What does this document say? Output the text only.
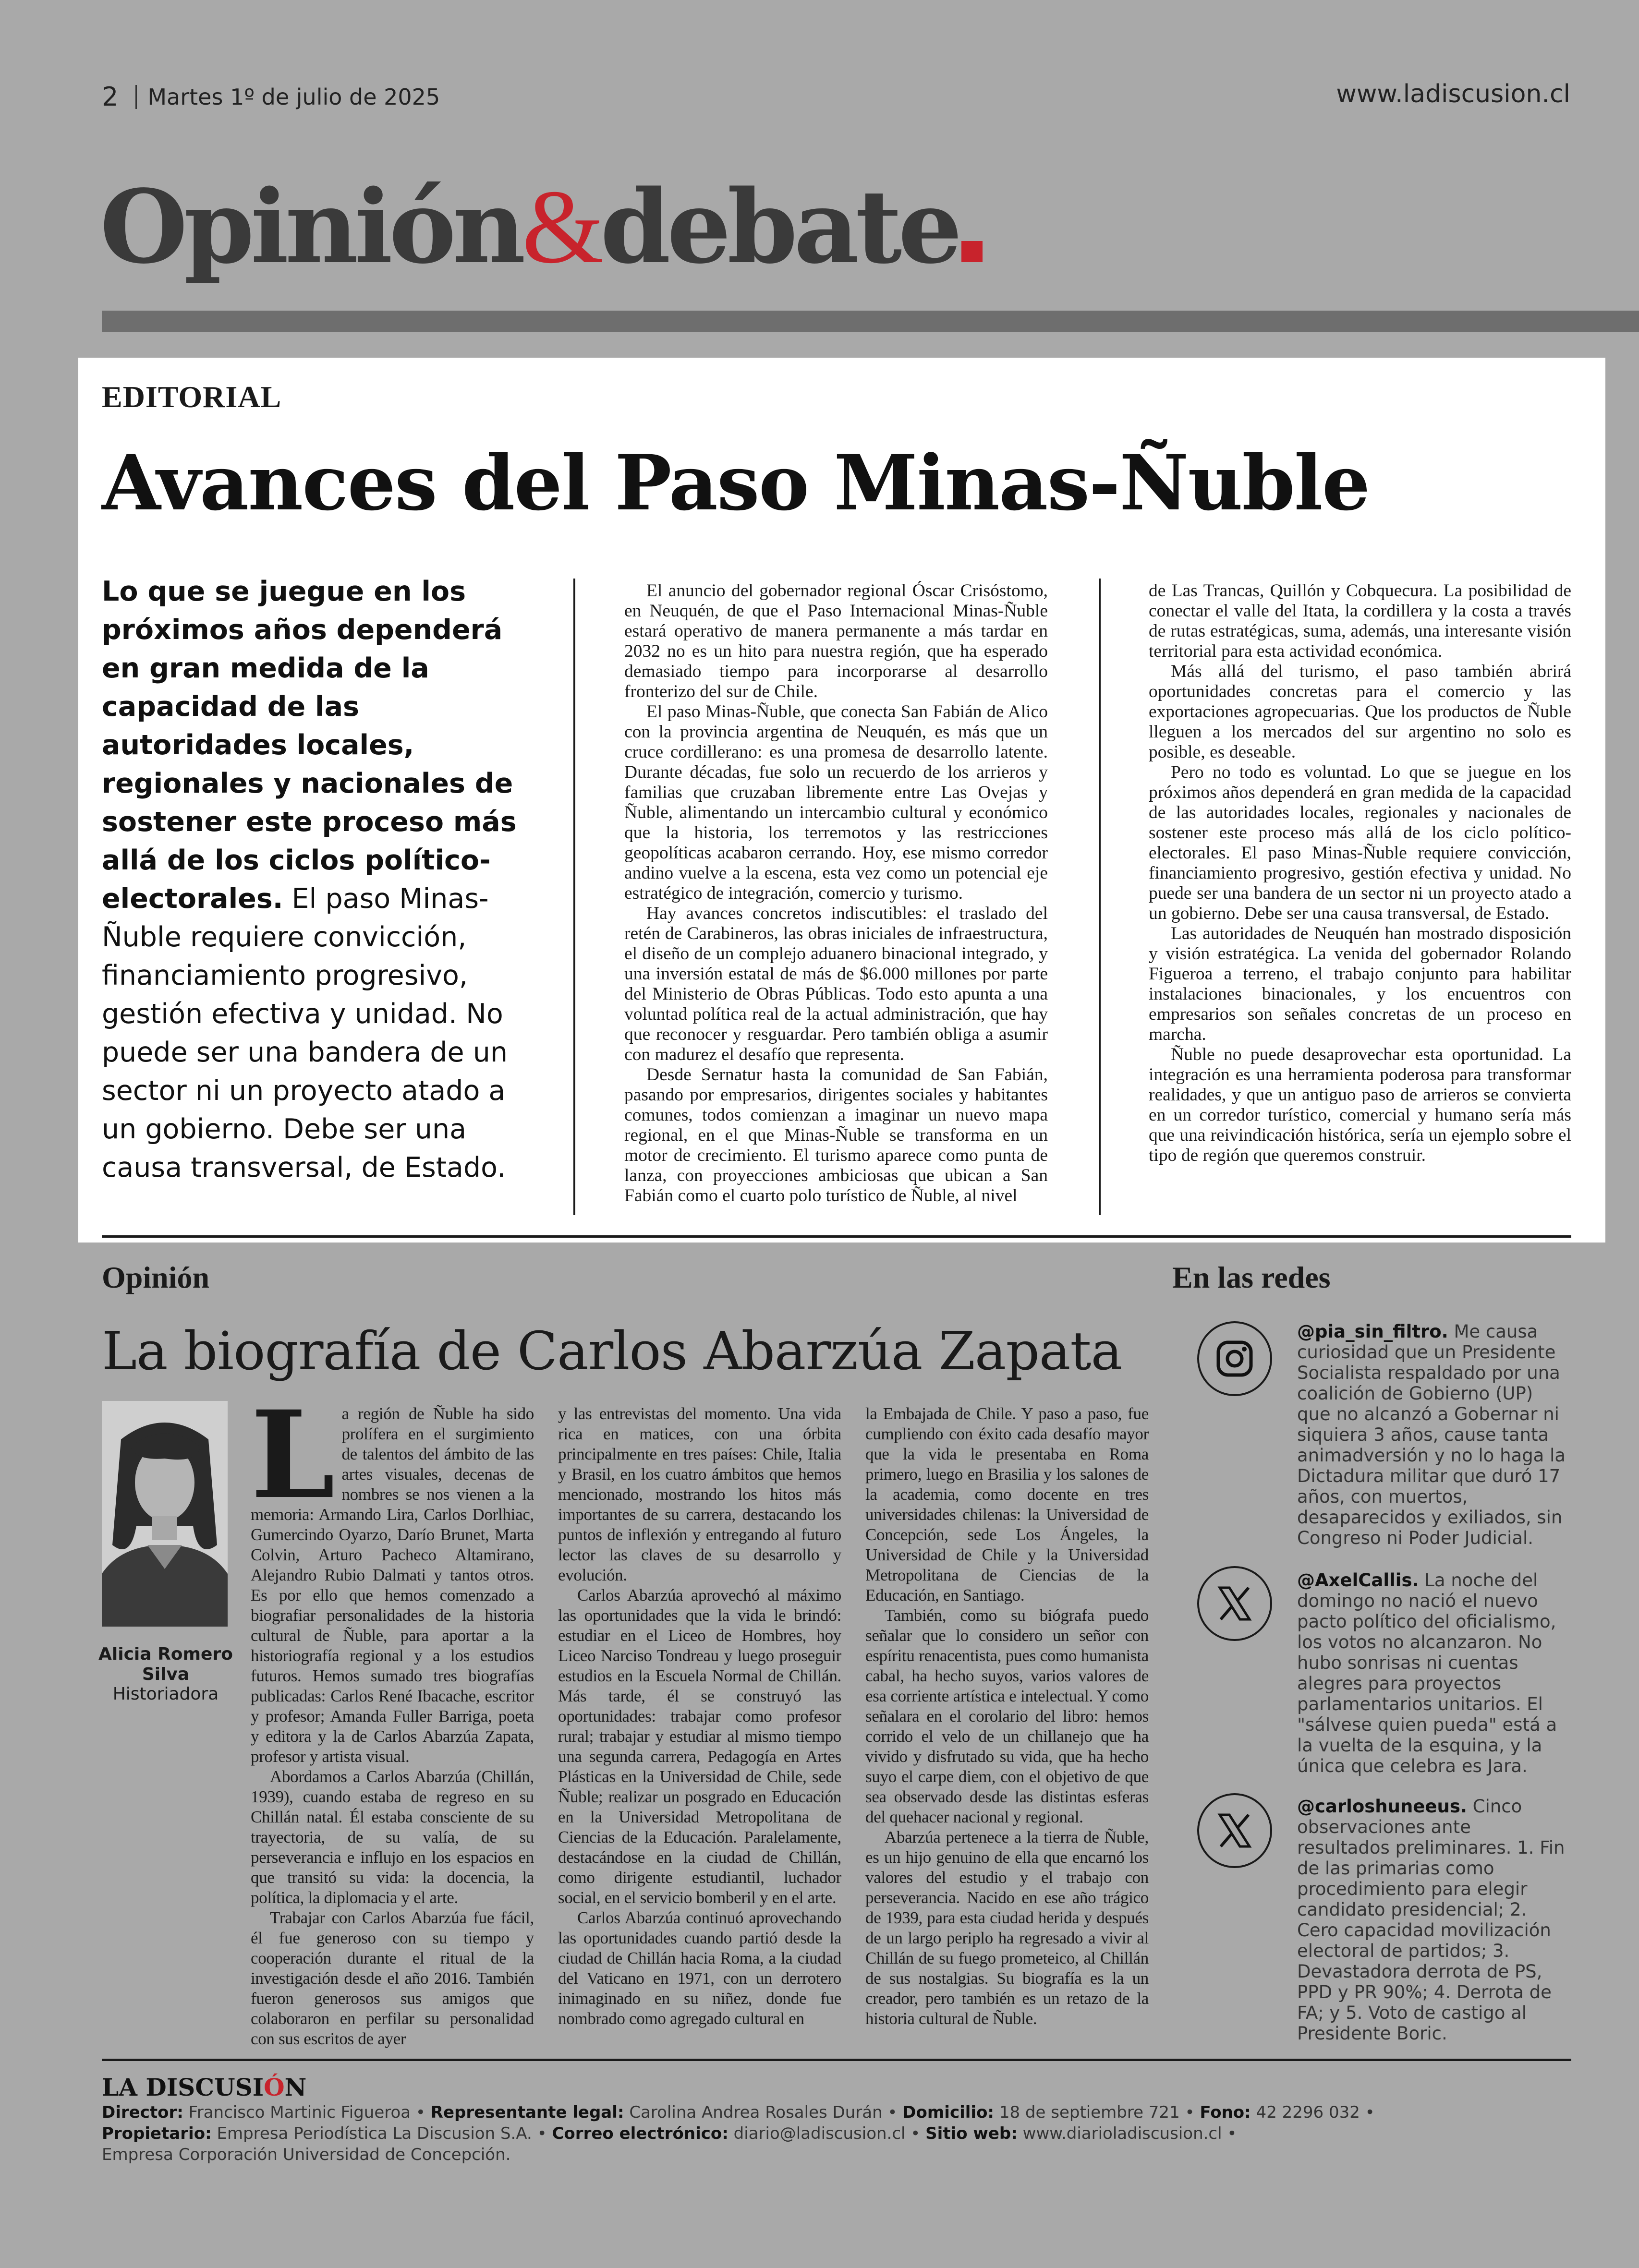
2 Martes 1º de julio de 2025	www.ladiscusion.cl
Opinión&debate
EDITORIAL
Avances del Paso Minas-Ñuble
Lo que se juegue en los próximos años dependerá en gran medida de la capacidad de las autoridades locales, regionales y nacionales de sostener este proceso más allá de los ciclos político-electorales. El paso Minas-Ñuble requiere convicción, financiamiento progresivo, gestión efectiva y unidad. No puede ser una bandera de un sector ni un proyecto atado a un gobierno. Debe ser una causa transversal, de Estado.

El anuncio del gobernador regional Óscar Crisóstomo, en Neuquén, de que el Paso Internacional Minas-Ñuble estará operativo de manera permanente a más tardar en 2032 no es un hito para nuestra región, que ha esperado demasiado tiempo para incorporarse al desarrollo fronterizo del sur de Chile.

El paso Minas-Ñuble, que conecta San Fabián de Alico con la provincia argentina de Neuquén, es más que un cruce cordillerano: es una promesa de desarrollo latente. Durante décadas, fue solo un recuerdo de los arrieros y familias que cruzaban libremente entre Las Ovejas y Ñuble, alimentando un intercambio cultural y económico que la historia, los terremotos y las restricciones geopolíticas acabaron cerrando. Hoy, ese mismo corredor andino vuelve a la escena, esta vez como un potencial eje estratégico de integración, comercio y turismo.

Hay avances concretos indiscutibles: el traslado del retén de Carabineros, las obras iniciales de infraestructura, el diseño de un complejo aduanero binacional integrado, y una inversión estatal de más de $6.000 millones por parte del Ministerio de Obras Públicas. Todo esto apunta a una voluntad política real de la actual administración, que hay que reconocer y resguardar. Pero también obliga a asumir con madurez el desafío que representa.

Desde Sernatur hasta la comunidad de San Fabián, pasando por empresarios, dirigentes sociales y habitantes comunes, todos comienzan a imaginar un nuevo mapa regional, en el que Minas-Ñuble se transforma en un motor de crecimiento. El turismo aparece como punta de lanza, con proyecciones ambiciosas que ubican a San Fabián como el cuarto polo turístico de Ñuble, al nivel

de Las Trancas, Quillón y Cobquecura. La posibilidad de conectar el valle del Itata, la cordillera y la costa a través de rutas estratégicas, suma, además, una interesante visión territorial para esta actividad económica.

Más allá del turismo, el paso también abrirá oportunidades concretas para el comercio y las exportaciones agropecuarias. Que los productos de Ñuble lleguen a los mercados del sur argentino no solo es posible, es deseable.

Pero no todo es voluntad. Lo que se juegue en los próximos años dependerá en gran medida de la capacidad de las autoridades locales, regionales y nacionales de sostener este proceso más allá de los ciclo político-electorales. El paso Minas-Ñuble requiere convicción, financiamiento progresivo, gestión efectiva y unidad. No puede ser una bandera de un sector ni un proyecto atado a un gobierno. Debe ser una causa transversal, de Estado.

Las autoridades de Neuquén han mostrado disposición y visión estratégica. La venida del gobernador Rolando Figueroa a terreno, el trabajo conjunto para habilitar instalaciones binacionales, y los encuentros con empresarios son señales concretas de un proceso en marcha.

Ñuble no puede desaprovechar esta oportunidad. La integración es una herramienta poderosa para transformar realidades, y que un antiguo paso de arrieros se convierta en un corredor turístico, comercial y humano sería más que una reivindicación histórica, sería un ejemplo sobre el tipo de región que queremos construir.

Opinión
La biografía de Carlos Abarzúa Zapata
Alicia Romero Silva
Historiadora
L a región de Ñuble ha sido prolífera en el surgimiento de talentos del ámbito de las artes visuales, decenas de nombres se nos vienen a la memoria: Armando Lira, Carlos Dorlhiac, Gumercindo Oyarzo, Darío Brunet, Marta Colvin, Arturo Pacheco Altamirano, Alejandro Rubio Dalmati y tantos otros. Es por ello que hemos comenzado a biografiar personalidades de la historia cultural de Ñuble, para aportar a la historiografía regional y a los estudios futuros. Hemos sumado tres biografías publicadas: Carlos René Ibacache, escritor y profesor; Amanda Fuller Barriga, poeta y editora y la de Carlos Abarzúa Zapata, profesor y artista visual.

Abordamos a Carlos Abarzúa (Chillán, 1939), cuando estaba de regreso en su Chillán natal. Él estaba consciente de su trayectoria, de su valía, de su perseverancia e influjo en los espacios en que transitó su vida: la docencia, la política, la diplomacia y el arte.

Trabajar con Carlos Abarzúa fue fácil, él fue generoso con su tiempo y cooperación durante el ritual de la investigación desde el año 2016. También fueron generosos sus amigos que colaboraron en perfilar su personalidad con sus escritos de ayer

y las entrevistas del momento. Una vida rica en matices, con una órbita principalmente en tres países: Chile, Italia y Brasil, en los cuatro ámbitos que hemos mencionado, mostrando los hitos más importantes de su carrera, destacando los puntos de inflexión y entregando al futuro lector las claves de su desarrollo y evolución.

Carlos Abarzúa aprovechó al máximo las oportunidades que la vida le brindó: estudiar en el Liceo de Hombres, hoy Liceo Narciso Tondreau y luego proseguir estudios en la Escuela Normal de Chillán. Más tarde, él se construyó las oportunidades: trabajar como profesor rural; trabajar y estudiar al mismo tiempo una segunda carrera, Pedagogía en Artes Plásticas en la Universidad de Chile, sede Ñuble; realizar un posgrado en Educación en la Universidad Metropolitana de Ciencias de la Educación. Paralelamente, destacándose en la ciudad de Chillán, como dirigente estudiantil, luchador social, en el servicio bomberil y en el arte.

Carlos Abarzúa continuó aprovechando las oportunidades cuando partió desde la ciudad de Chillán hacia Roma, a la ciudad del Vaticano en 1971, con un derrotero inimaginado en su niñez, donde fue nombrado como agregado cultural en

la Embajada de Chile. Y paso a paso, fue cumpliendo con éxito cada desafío mayor que la vida le presentaba en Roma primero, luego en Brasilia y los salones de la academia, como docente en tres universidades chilenas: la Universidad de Concepción, sede Los Ángeles, la Universidad de Chile y la Universidad Metropolitana de Ciencias de la Educación, en Santiago.

También, como su biógrafa puedo señalar que lo considero un señor con espíritu renacentista, pues como humanista cabal, ha hecho suyos, varios valores de esa corriente artística e intelectual. Y como señalara en el corolario del libro: hemos corrido el velo de un chillanejo que ha vivido y disfrutado su vida, que ha hecho suyo el carpe diem, con el objetivo de que sea observado desde las distintas esferas del quehacer nacional y regional.

Abarzúa pertenece a la tierra de Ñuble, es un hijo genuino de ella que encarnó los valores del estudio y el trabajo con perseverancia. Nacido en ese año trágico de 1939, para esta ciudad herida y después de un largo periplo ha regresado a vivir al Chillán de su fuego prometeico, al Chillán de sus nostalgias. Su biografía es la un creador, pero también es un retazo de la historia cultural de Ñuble.

En las redes
@pia_sin_filtro. Me causa curiosidad que un Presidente Socialista respaldado por una coalición de Gobierno (UP) que no alcanzó a Gobernar ni siquiera 3 años, cause tanta animadversión y no lo haga la Dictadura militar que duró 17 años, con muertos, desaparecidos y exiliados, sin Congreso ni Poder Judicial.
@AxelCallis. La noche del domingo no nació el nuevo pacto político del oficialismo, los votos no alcanzaron. No hubo sonrisas ni cuentas alegres para proyectos parlamentarios unitarios. El "sálvese quien pueda" está a la vuelta de la esquina, y la única que celebra es Jara.
@carloshuneeus. Cinco observaciones ante resultados preliminares. 1. Fin de las primarias como procedimiento para elegir candidato presidencial; 2. Cero capacidad movilización electoral de partidos; 3. Devastadora derrota de PS, PPD y PR 90%; 4. Derrota de FA; y 5. Voto de castigo al Presidente Boric.
LA DISCUSIÓN
Director: Francisco Martinic Figueroa • Representante legal: Carolina Andrea Rosales Durán • Domicilio: 18 de septiembre 721 • Fono: 42 2296 032 •
Propietario: Empresa Periodística La Discusion S.A. • Correo electrónico: diario@ladiscusion.cl • Sitio web: www.diarioladiscusion.cl •
Empresa Corporación Universidad de Concepción.
